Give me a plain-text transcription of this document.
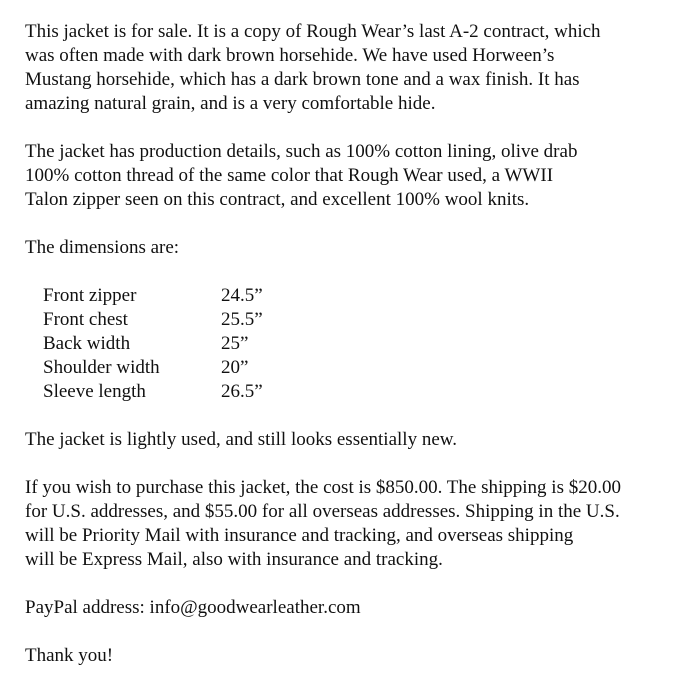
This jacket is for sale. It is a copy of Rough Wear’s last A-2 contract, which
was often made with dark brown horsehide. We have used Horween’s
Mustang horsehide, which has a dark brown tone and a wax finish. It has
amazing natural grain, and is a very comfortable hide.

The jacket has production details, such as 100% cotton lining, olive drab
100% cotton thread of the same color that Rough Wear used, a WWII
Talon zipper seen on this contract, and excellent 100% wool knits.

The dimensions are:

Front zipper	24.5”
Front chest	25.5”
Back width	25”
Shoulder width	20”
Sleeve length	26.5”

The jacket is lightly used, and still looks essentially new.

If you wish to purchase this jacket, the cost is $850.00. The shipping is $20.00
for U.S. addresses, and $55.00 for all overseas addresses. Shipping in the U.S.
will be Priority Mail with insurance and tracking, and overseas shipping
will be Express Mail, also with insurance and tracking.

PayPal address: info@goodwearleather.com

Thank you!
